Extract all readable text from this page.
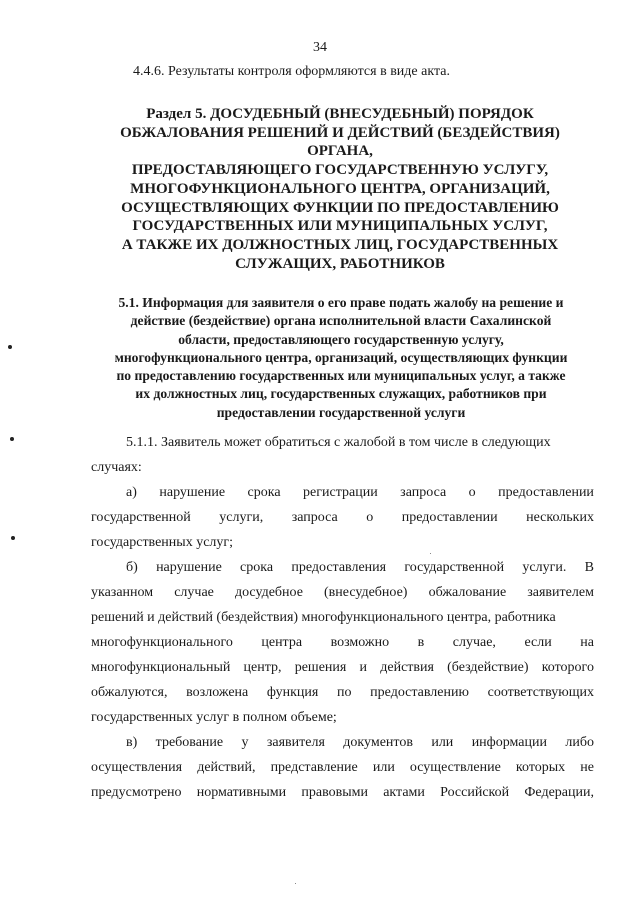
34
4.4.6. Результаты контроля оформляются в виде акта.
Раздел 5. ДОСУДЕБНЫЙ (ВНЕСУДЕБНЫЙ) ПОРЯДОК
ОБЖАЛОВАНИЯ РЕШЕНИЙ И ДЕЙСТВИЙ (БЕЗДЕЙСТВИЯ)
ОРГАНА,
ПРЕДОСТАВЛЯЮЩЕГО ГОСУДАРСТВЕННУЮ УСЛУГУ,
МНОГОФУНКЦИОНАЛЬНОГО ЦЕНТРА, ОРГАНИЗАЦИЙ,
ОСУЩЕСТВЛЯЮЩИХ ФУНКЦИИ ПО ПРЕДОСТАВЛЕНИЮ
ГОСУДАРСТВЕННЫХ ИЛИ МУНИЦИПАЛЬНЫХ УСЛУГ,
А ТАКЖЕ ИХ ДОЛЖНОСТНЫХ ЛИЦ, ГОСУДАРСТВЕННЫХ
СЛУЖАЩИХ, РАБОТНИКОВ
5.1. Информация для заявителя о его праве подать жалобу на решение и
действие (бездействие) органа исполнительной власти Сахалинской
области, предоставляющего государственную услугу,
многофункционального центра, организаций, осуществляющих функции
по предоставлению государственных или муниципальных услуг, а также
их должностных лиц, государственных служащих, работников при
предоставлении государственной услуги
5.1.1. Заявитель может обратиться с жалобой в том числе в следующих
случаях:
а) нарушение срока регистрации запроса о предоставлении
государственной услуги, запроса о предоставлении нескольких
государственных услуг;
б) нарушение срока предоставления государственной услуги. В
указанном случае досудебное (внесудебное) обжалование заявителем
решений и действий (бездействия) многофункционального центра, работника
многофункционального центра возможно в случае, если на
многофункциональный центр, решения и действия (бездействие) которого
обжалуются, возложена функция по предоставлению соответствующих
государственных услуг в полном объеме;
в) требование у заявителя документов или информации либо
осуществления действий, представление или осуществление которых не
предусмотрено нормативными правовыми актами Российской Федерации,
